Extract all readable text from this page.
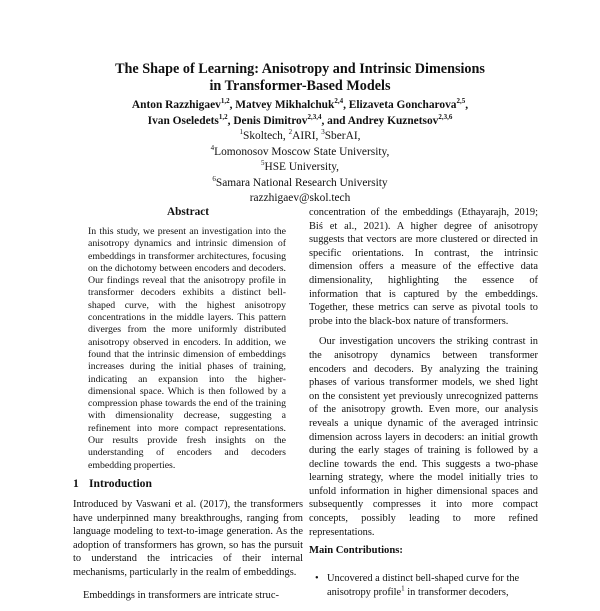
The Shape of Learning: Anisotropy and Intrinsic Dimensions
in Transformer-Based Models
Anton Razzhigaev$^{1,2}$, Matvey Mikhalchuk$^{2,4}$, Elizaveta Goncharova$^{2,5}$,
Ivan Oseledets$^{1,2}$, Denis Dimitrov$^{2,3,4}$, and Andrey Kuznetsov$^{2,3,6}$
$^1$Skoltech, $^2$AIRI, $^3$SberAI,
$^4$Lomonosov Moscow State University,
$^5$HSE University,
$^6$Samara National Research University
razzhigaev@skol.tech
Abstract
In this study, we present an investigation into the anisotropy dynamics and intrinsic dimension of embeddings in transformer architectures, focusing on the dichotomy between encoders and decoders. Our findings reveal that the anisotropy profile in transformer decoders exhibits a distinct bell-shaped curve, with the highest anisotropy concentrations in the middle layers. This pattern diverges from the more uniformly distributed anisotropy observed in encoders. In addition, we found that the intrinsic dimension of embeddings increases during the initial phases of training, indicating an expansion into the higher-dimensional space. Which is then followed by a compression phase towards the end of the training with dimensionality decrease, suggesting a refinement into more compact representations. Our results provide fresh insights on the understanding of encoders and decoders embedding properties.
1 Introduction

Introduced by Vaswani et al. (2017), the transformers have underpinned many breakthroughs, ranging from language modeling to text-to-image generation. As the adoption of transformers has grown, so has the pursuit to understand the intricacies of their internal mechanisms, particularly in the realm of embeddings.

Embeddings in transformers are intricate struc-

concentration of the embeddings (Ethayarajh, 2019; Biś et al., 2021). A higher degree of anisotropy suggests that vectors are more clustered or directed in specific orientations. In contrast, the intrinsic dimension offers a measure of the effective data dimensionality, highlighting the essence of information that is captured by the embeddings. Together, these metrics can serve as pivotal tools to probe into the black-box nature of transformers.

Our investigation uncovers the striking contrast in the anisotropy dynamics between transformer encoders and decoders. By analyzing the training phases of various transformer models, we shed light on the consistent yet previously unrecognized patterns of the anisotropy growth. Even more, our analysis reveals a unique dynamic of the averaged intrinsic dimension across layers in decoders: an initial growth during the early stages of training is followed by a decline towards the end. This suggests a two-phase learning strategy, where the model initially tries to unfold information in higher dimensional spaces and subsequently compresses it into more compact concepts, possibly leading to more refined representations.

Main Contributions:
• Uncovered a distinct bell-shaped curve for the anisotropy profile$^1$ in transformer decoders,
